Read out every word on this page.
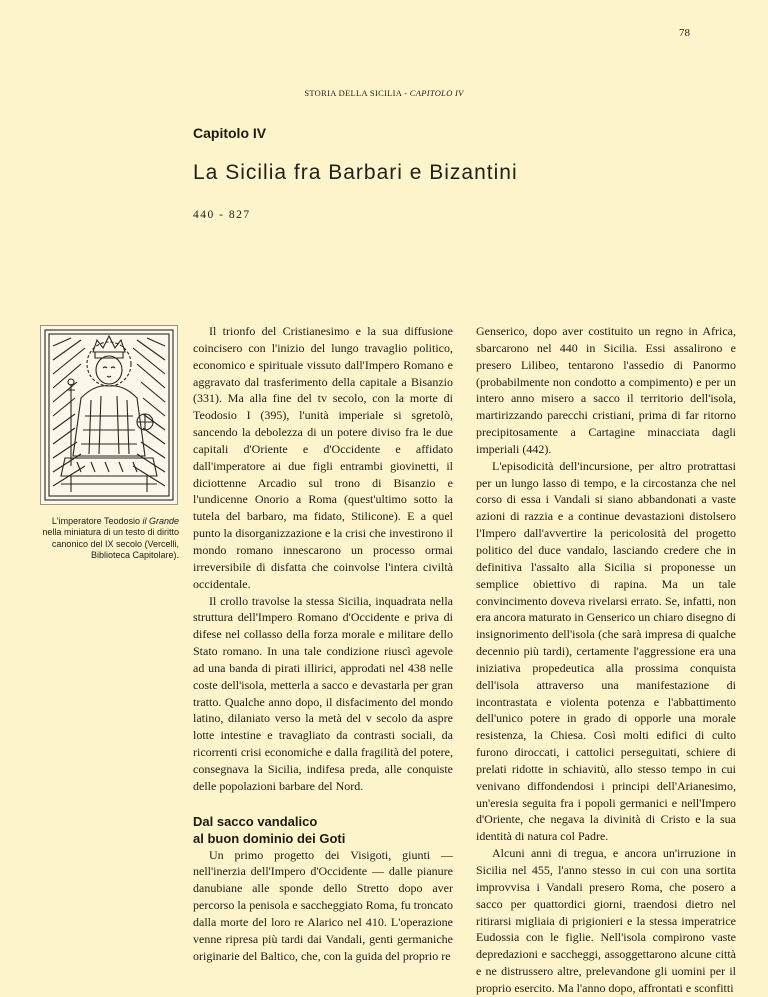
78
STORIA DELLA SICILIA - CAPITOLO IV
Capitolo IV
La Sicilia fra Barbari e Bizantini
440 - 827
L'imperatore Teodosio il Grande nella miniatura di un testo di diritto canonico del IX secolo (Vercelli, Biblioteca Capitolare).

Il trionfo del Cristianesimo e la sua diffusione coincisero con l'inizio del lungo travaglio politico, economico e spirituale vissuto dall'Impero Romano e aggravato dal trasferimento della capitale a Bisanzio (331). Ma alla fine del tv secolo, con la morte di Teodosio I (395), l'unità imperiale si sgretolò, sancendo la debolezza di un potere diviso fra le due capitali d'Oriente e d'Occidente e affidato dall'imperatore ai due figli entrambi giovinetti, il diciottenne Arcadio sul trono di Bisanzio e l'undicenne Onorio a Roma (quest'ultimo sotto la tutela del barbaro, ma fidato, Stilicone). E a quel punto la disorganizzazione e la crisi che investirono il mondo romano innescarono un processo ormai irreversibile di disfatta che coinvolse l'intera civiltà occidentale.

Il crollo travolse la stessa Sicilia, inquadrata nella struttura dell'Impero Romano d'Occidente e priva di difese nel collasso della forza morale e militare dello Stato romano. In una tale condizione riuscì agevole ad una banda di pirati illirici, approdati nel 438 nelle coste dell'isola, metterla a sacco e devastarla per gran tratto. Qualche anno dopo, il disfacimento del mondo latino, dilaniato verso la metà del v secolo da aspre lotte intestine e travagliato da contrasti sociali, da ricorrenti crisi economiche e dalla fragilità del potere, consegnava la Sicilia, indifesa preda, alle conquiste delle popolazioni barbare del Nord.

Dal sacco vandalico
al buon dominio dei Goti

Un primo progetto dei Visigoti, giunti — nell'inerzia dell'Impero d'Occidente — dalle pianure danubiane alle sponde dello Stretto dopo aver percorso la penisola e saccheggiato Roma, fu troncato dalla morte del loro re Alarico nel 410. L'operazione venne ripresa più tardi dai Vandali, genti germaniche originarie del Baltico, che, con la guida del proprio re

Genserico, dopo aver costituito un regno in Africa, sbarcarono nel 440 in Sicilia. Essi assalirono e presero Lilibeo, tentarono l'assedio di Panormo (probabilmente non condotto a compimento) e per un intero anno misero a sacco il territorio dell'isola, martirizzando parecchi cristiani, prima di far ritorno precipitosamente a Cartagine minacciata dagli imperiali (442).

L'episodicità dell'incursione, per altro protrattasi per un lungo lasso di tempo, e la circostanza che nel corso di essa i Vandali si siano abbandonati a vaste azioni di razzia e a continue devastazioni distolsero l'Impero dall'avvertire la pericolosità del progetto politico del duce vandalo, lasciando credere che in definitiva l'assalto alla Sicilia si proponesse un semplice obiettivo di rapina. Ma un tale convincimento doveva rivelarsi errato. Se, infatti, non era ancora maturato in Genserico un chiaro disegno di insignorimento dell'isola (che sarà impresa di qualche decennio più tardi), certamente l'aggressione era una iniziativa propedeutica alla prossima conquista dell'isola attraverso una manifestazione di incontrastata e violenta potenza e l'abbattimento dell'unico potere in grado di opporle una morale resistenza, la Chiesa. Così molti edifici di culto furono diroccati, i cattolici perseguitati, schiere di prelati ridotte in schiavitù, allo stesso tempo in cui venivano diffondendosi i principi dell'Arianesimo, un'eresia seguita fra i popoli germanici e nell'Impero d'Oriente, che negava la divinità di Cristo e la sua identità di natura col Padre.

Alcuni anni di tregua, e ancora un'irruzione in Sicilia nel 455, l'anno stesso in cui con una sortita improvvisa i Vandali presero Roma, che posero a sacco per quattordici giorni, traendosi dietro nel ritirarsi migliaia di prigionieri e la stessa imperatrice Eudossia con le figlie. Nell'isola compirono vaste depredazioni e saccheggi, assoggettarono alcune città e ne distrussero altre, prelevandone gli uomini per il proprio esercito. Ma l'anno dopo, affrontati e sconfitti
